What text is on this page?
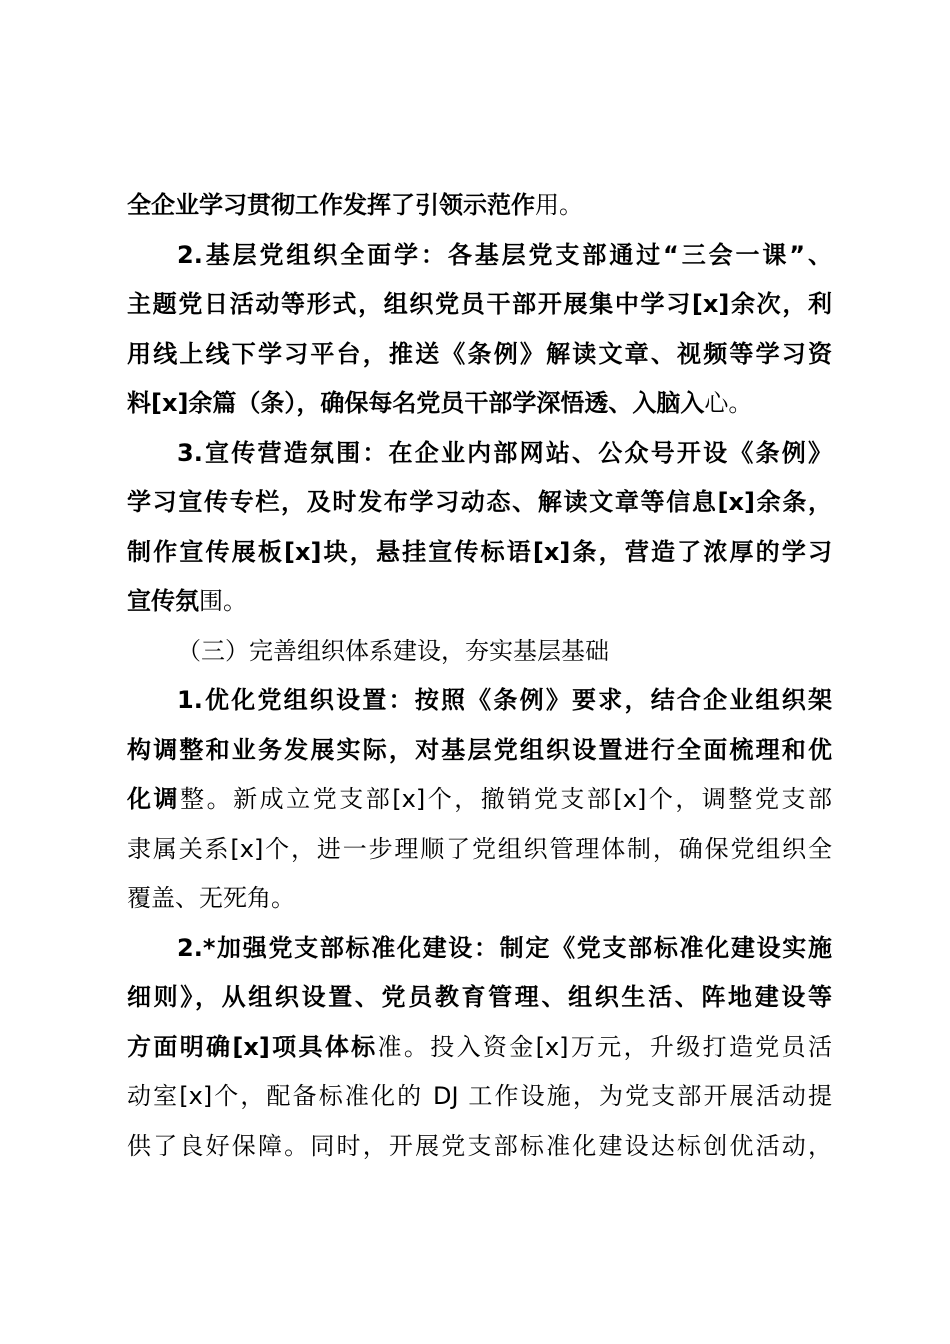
全企业学习贯彻工作发挥了引领示范作用。
2.基层党组织全面学：各基层党支部通过“三会一课”、
主题党日活动等形式，组织党员干部开展集中学习[x]余次，利
用线上线下学习平台，推送《条例》解读文章、视频等学习资
料[x]余篇（条），确保每名党员干部学深悟透、入脑入心。
3.宣传营造氛围：在企业内部网站、公众号开设《条例》
学习宣传专栏，及时发布学习动态、解读文章等信息[x]余条，
制作宣传展板[x]块，悬挂宣传标语[x]条，营造了浓厚的学习
宣传氛围。
（三）完善组织体系建设，夯实基层基础
1.优化党组织设置：按照《条例》要求，结合企业组织架
构调整和业务发展实际，对基层党组织设置进行全面梳理和优
化调整。新成立党支部[x]个，撤销党支部[x]个，调整党支部
隶属关系[x]个，进一步理顺了党组织管理体制，确保党组织全
覆盖、无死角。
2.*加强党支部标准化建设：制定《党支部标准化建设实施
细则》，从组织设置、党员教育管理、组织生活、阵地建设等
方面明确[x]项具体标准。投入资金[x]万元，升级打造党员活
动室[x]个，配备标准化的 DJ 工作设施，为党支部开展活动提
供了良好保障。同时，开展党支部标准化建设达标创优活动，
